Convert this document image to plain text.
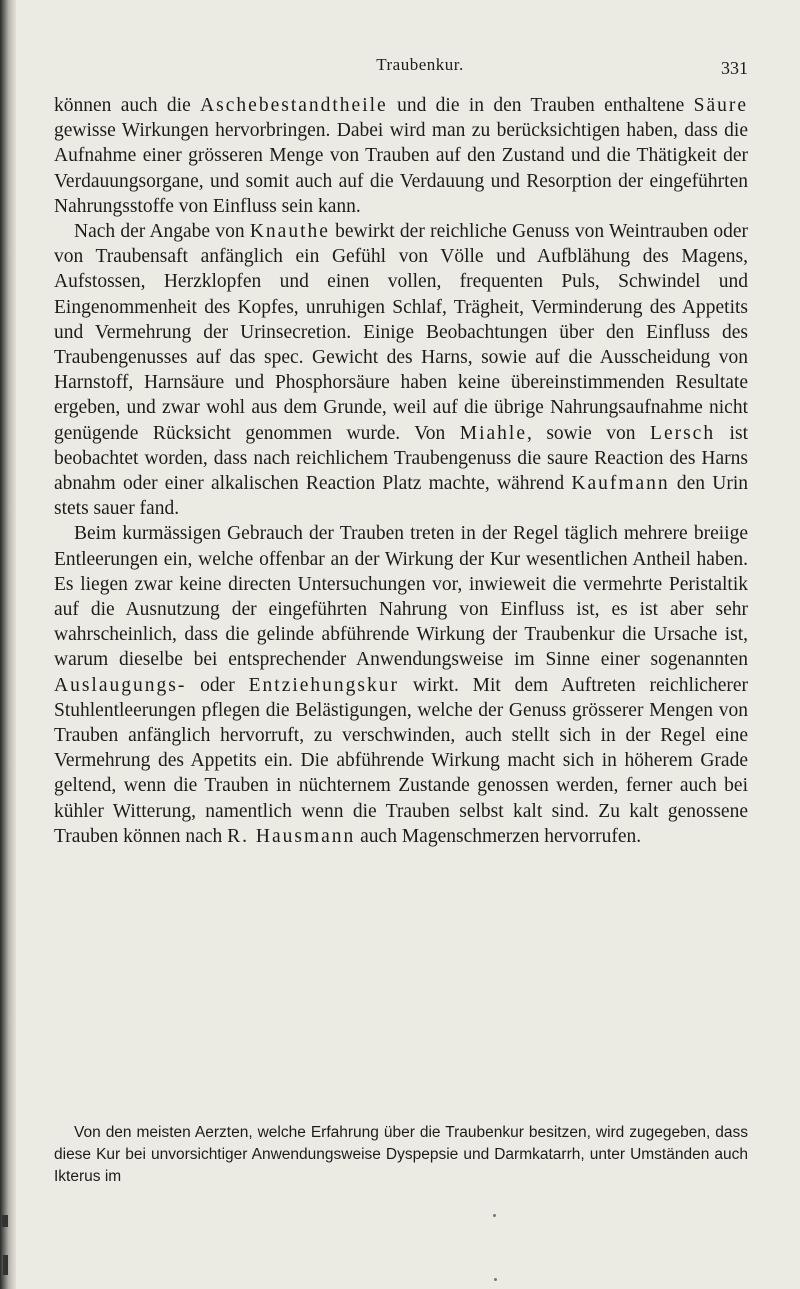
Traubenkur.	331

können auch die Aschebestandtheile und die in den Trauben enthaltene Säure gewisse Wirkungen hervorbringen. Dabei wird man zu berücksichtigen haben, dass die Aufnahme einer grösseren Menge von Trauben auf den Zustand und die Thätigkeit der Verdauungsorgane, und somit auch auf die Verdauung und Resorption der eingeführten Nahrungsstoffe von Einfluss sein kann.

Nach der Angabe von Knauthe bewirkt der reichliche Genuss von Weintrauben oder von Traubensaft anfänglich ein Gefühl von Völle und Aufblähung des Magens, Aufstossen, Herzklopfen und einen vollen, frequenten Puls, Schwindel und Eingenommenheit des Kopfes, unruhigen Schlaf, Trägheit, Verminderung des Appetits und Vermehrung der Urinsecretion. Einige Beobachtungen über den Einfluss des Traubengenusses auf das spec. Gewicht des Harns, sowie auf die Ausscheidung von Harnstoff, Harnsäure und Phosphorsäure haben keine übereinstimmenden Resultate ergeben, und zwar wohl aus dem Grunde, weil auf die übrige Nahrungsaufnahme nicht genügende Rücksicht genommen wurde. Von Miahle, sowie von Lersch ist beobachtet worden, dass nach reichlichem Traubengenuss die saure Reaction des Harns abnahm oder einer alkalischen Reaction Platz machte, während Kaufmann den Urin stets sauer fand.

Beim kurmässigen Gebrauch der Trauben treten in der Regel täglich mehrere breiige Entleerungen ein, welche offenbar an der Wirkung der Kur wesentlichen Antheil haben. Es liegen zwar keine directen Untersuchungen vor, inwieweit die vermehrte Peristaltik auf die Ausnutzung der eingeführten Nahrung von Einfluss ist, es ist aber sehr wahrscheinlich, dass die gelinde abführende Wirkung der Traubenkur die Ursache ist, warum dieselbe bei entsprechender Anwendungsweise im Sinne einer sogenannten Auslaugungs- oder Entziehungskur wirkt. Mit dem Auftreten reichlicherer Stuhlentleerungen pflegen die Belästigungen, welche der Genuss grösserer Mengen von Trauben anfänglich hervorruft, zu verschwinden, auch stellt sich in der Regel eine Vermehrung des Appetits ein. Die abführende Wirkung macht sich in höherem Grade geltend, wenn die Trauben in nüchternem Zustande genossen werden, ferner auch bei kühler Witterung, namentlich wenn die Trauben selbst kalt sind. Zu kalt genossene Trauben können nach R. Hausmann auch Magenschmerzen hervorrufen.

Von den meisten Aerzten, welche Erfahrung über die Traubenkur besitzen, wird zugegeben, dass diese Kur bei unvorsichtiger Anwendungsweise Dyspepsie und Darmkatarrh, unter Umständen auch Ikterus im
